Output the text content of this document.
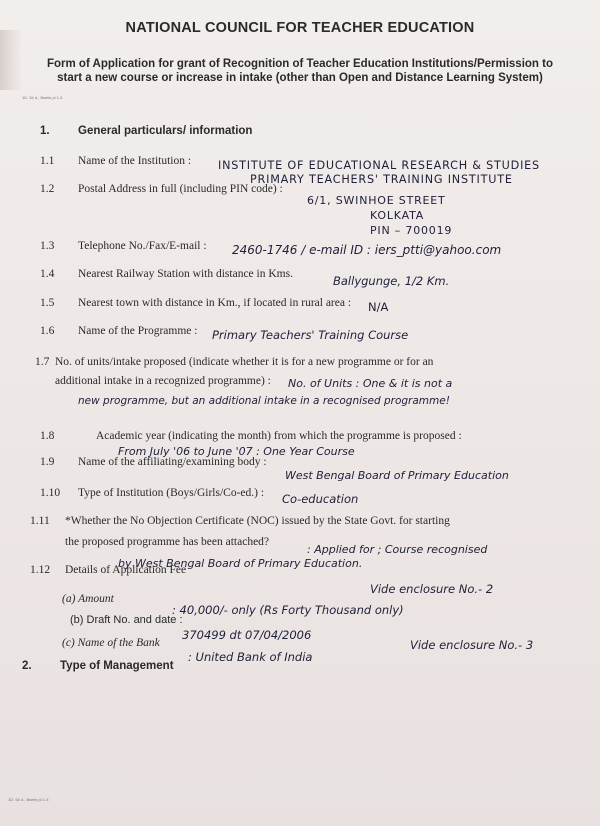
NATIONAL COUNCIL FOR TEACHER EDUCATION
Form of Application for grant of Recognition of Teacher Education Institutions/Permission to start a new course or increase in intake (other than Open and Distance Learning System)
1D. 54 d., Bsetis pi 1-5
1. General particulars/ information
1.1 Name of the Institution : INSTITUTE OF EDUCATIONAL RESEARCH & STUDIES
PRIMARY TEACHERS' TRAINING INSTITUTE
1.2 Postal Address in full (including PIN code) :
6/1, SWINHOE STREET
KOLKATA
PIN – 700019
1.3 Telephone No./Fax/E-mail : 2460-1746 / e-mail ID : iers_ptti@yahoo.com
1.4 Nearest Railway Station with distance in Kms.	Ballygunge, 1/2 Km.
1.5 Nearest town with distance in Km., if located in rural area : N/A
1.6 Name of the Programme : Primary Teachers' Training Course
1.7 No. of units/intake proposed (indicate whether it is for a new programme or for an
additional intake in a recognized programme) : No. of Units : One & it is not a
new programme, but an additional intake in a recognised programme!
1.8	Academic year (indicating the month) from which the programme is proposed :
From July '06 to June '07 : One Year Course
1.9 Name of the affiliating/examining body :
West Bengal Board of Primary Education
1.10 Type of Institution (Boys/Girls/Co-ed.) : Co-education
1.11 *Whether the No Objection Certificate (NOC) issued by the State Govt. for starting
the proposed programme has been attached?
: Applied for ; Course recognised
by West Bengal Board of Primary Education.
1.12 Details of Application Fee
Vide enclosure No.- 2
(a) Amount
: 40,000/- only (Rs Forty Thousand only)
(b) Draft No. and date :
370499 dt 07/04/2006
Vide enclosure No.- 3
(c) Name of the Bank
: United Bank of India
2. Type of Management
1D. 54 d., Bsetis pi 1-5
